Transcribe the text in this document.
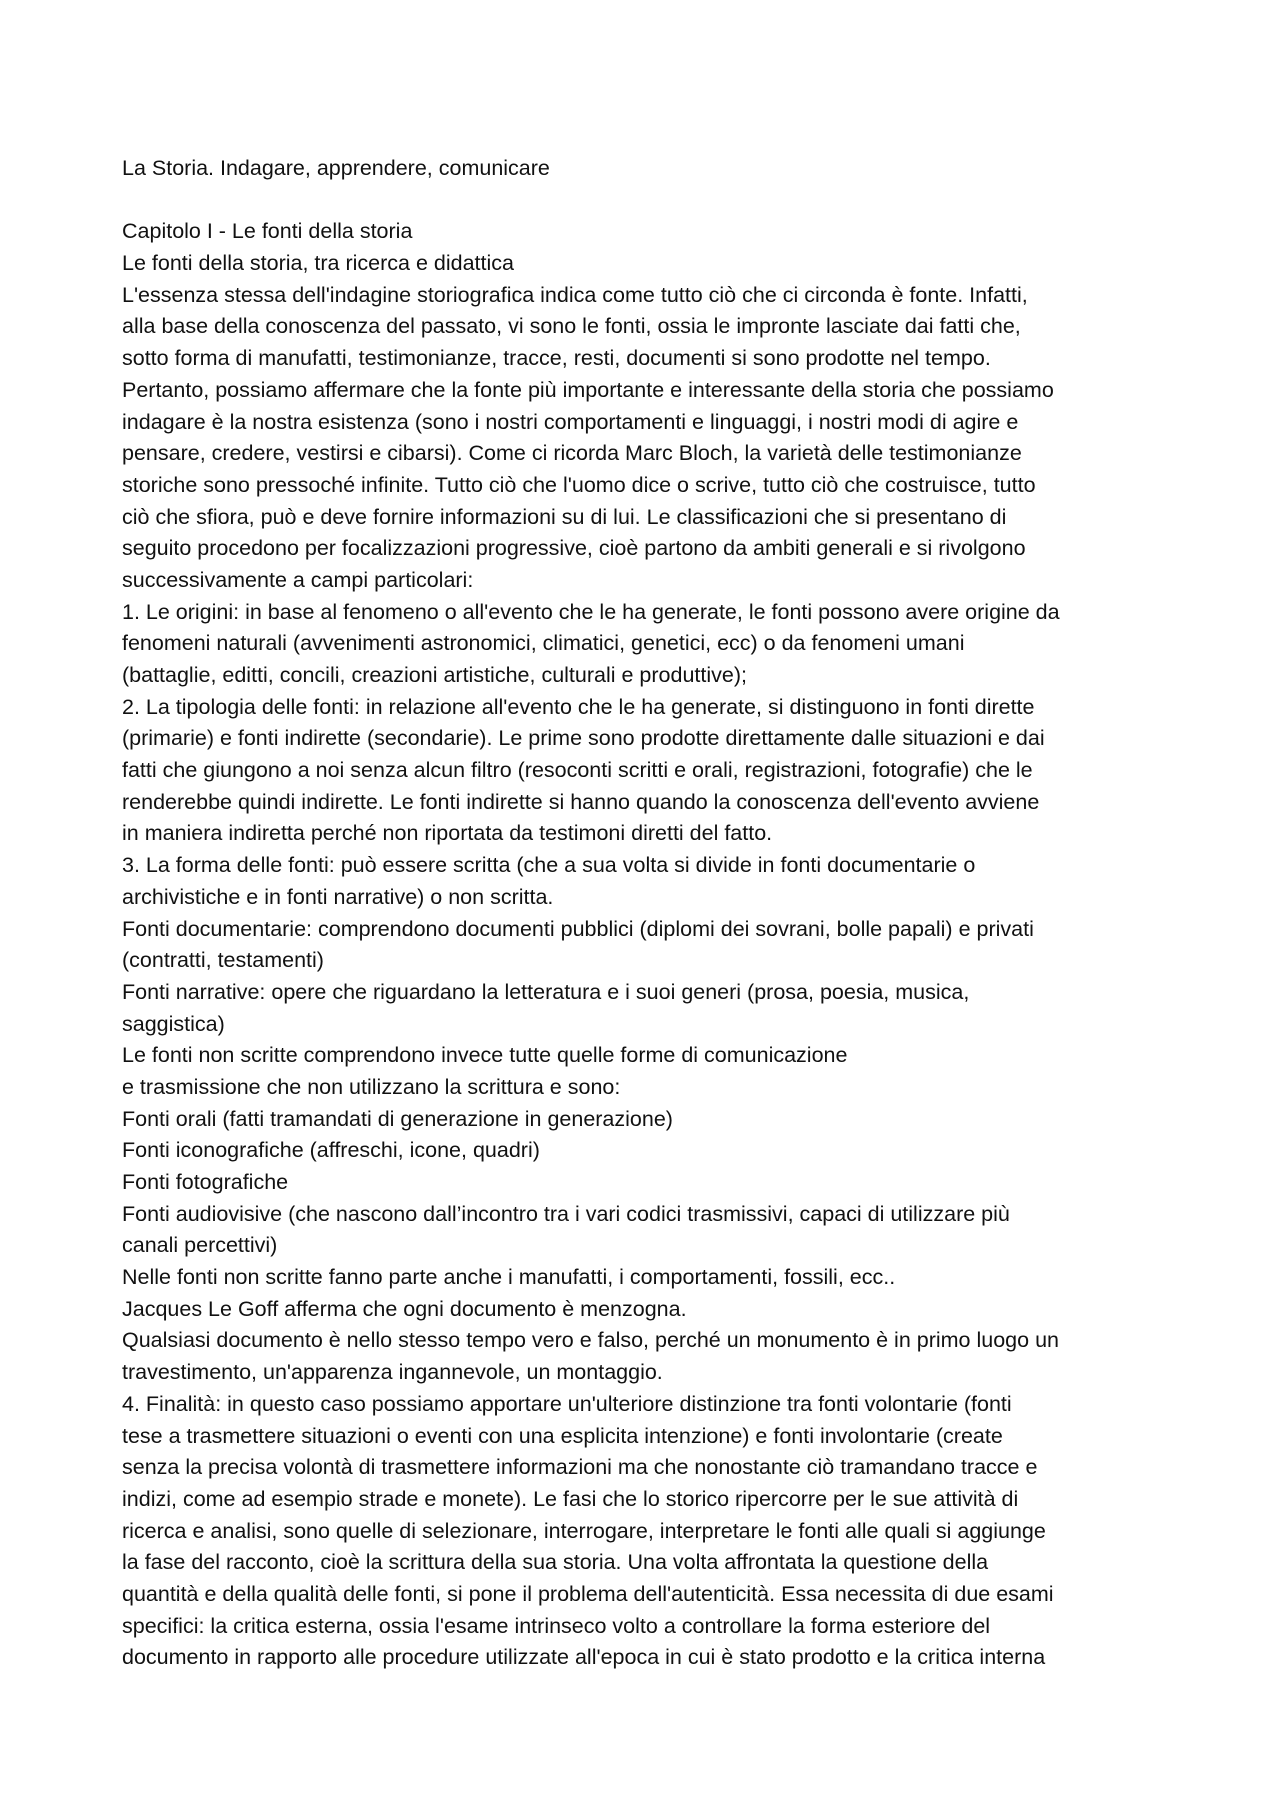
La Storia. Indagare, apprendere, comunicare
Capitolo I - Le fonti della storia
Le fonti della storia, tra ricerca e didattica
L'essenza stessa dell'indagine storiografica indica come tutto ciò che ci circonda è fonte. Infatti,
alla base della conoscenza del passato, vi sono le fonti, ossia le impronte lasciate dai fatti che,
sotto forma di manufatti, testimonianze, tracce, resti, documenti si sono prodotte nel tempo.
Pertanto, possiamo affermare che la fonte più importante e interessante della storia che possiamo
indagare è la nostra esistenza (sono i nostri comportamenti e linguaggi, i nostri modi di agire e
pensare, credere, vestirsi e cibarsi). Come ci ricorda Marc Bloch, la varietà delle testimonianze
storiche sono pressoché infinite. Tutto ciò che l'uomo dice o scrive, tutto ciò che costruisce, tutto
ciò che sfiora, può e deve fornire informazioni su di lui. Le classificazioni che si presentano di
seguito procedono per focalizzazioni progressive, cioè partono da ambiti generali e si rivolgono
successivamente a campi particolari:
1. Le origini: in base al fenomeno o all'evento che le ha generate, le fonti possono avere origine da
fenomeni naturali (avvenimenti astronomici, climatici, genetici, ecc) o da fenomeni umani
(battaglie, editti, concili, creazioni artistiche, culturali e produttive);
2. La tipologia delle fonti: in relazione all'evento che le ha generate, si distinguono in fonti dirette
(primarie) e fonti indirette (secondarie). Le prime sono prodotte direttamente dalle situazioni e dai
fatti che giungono a noi senza alcun filtro (resoconti scritti e orali, registrazioni, fotografie) che le
renderebbe quindi indirette. Le fonti indirette si hanno quando la conoscenza dell'evento avviene
in maniera indiretta perché non riportata da testimoni diretti del fatto.
3. La forma delle fonti: può essere scritta (che a sua volta si divide in fonti documentarie o
archivistiche e in fonti narrative) o non scritta.
Fonti documentarie: comprendono documenti pubblici (diplomi dei sovrani, bolle papali) e privati
(contratti, testamenti)
Fonti narrative: opere che riguardano la letteratura e i suoi generi (prosa, poesia, musica,
saggistica)
Le fonti non scritte comprendono invece tutte quelle forme di comunicazione
e trasmissione che non utilizzano la scrittura e sono:
Fonti orali (fatti tramandati di generazione in generazione)
Fonti iconografiche (affreschi, icone, quadri)
Fonti fotografiche
Fonti audiovisive (che nascono dall’incontro tra i vari codici trasmissivi, capaci di utilizzare più
canali percettivi)
Nelle fonti non scritte fanno parte anche i manufatti, i comportamenti, fossili, ecc..
Jacques Le Goff afferma che ogni documento è menzogna.
Qualsiasi documento è nello stesso tempo vero e falso, perché un monumento è in primo luogo un
travestimento, un'apparenza ingannevole, un montaggio.
4. Finalità: in questo caso possiamo apportare un'ulteriore distinzione tra fonti volontarie (fonti
tese a trasmettere situazioni o eventi con una esplicita intenzione) e fonti involontarie (create
senza la precisa volontà di trasmettere informazioni ma che nonostante ciò tramandano tracce e
indizi, come ad esempio strade e monete). Le fasi che lo storico ripercorre per le sue attività di
ricerca e analisi, sono quelle di selezionare, interrogare, interpretare le fonti alle quali si aggiunge
la fase del racconto, cioè la scrittura della sua storia. Una volta affrontata la questione della
quantità e della qualità delle fonti, si pone il problema dell'autenticità. Essa necessita di due esami
specifici: la critica esterna, ossia l'esame intrinseco volto a controllare la forma esteriore del
documento in rapporto alle procedure utilizzate all'epoca in cui è stato prodotto e la critica interna
